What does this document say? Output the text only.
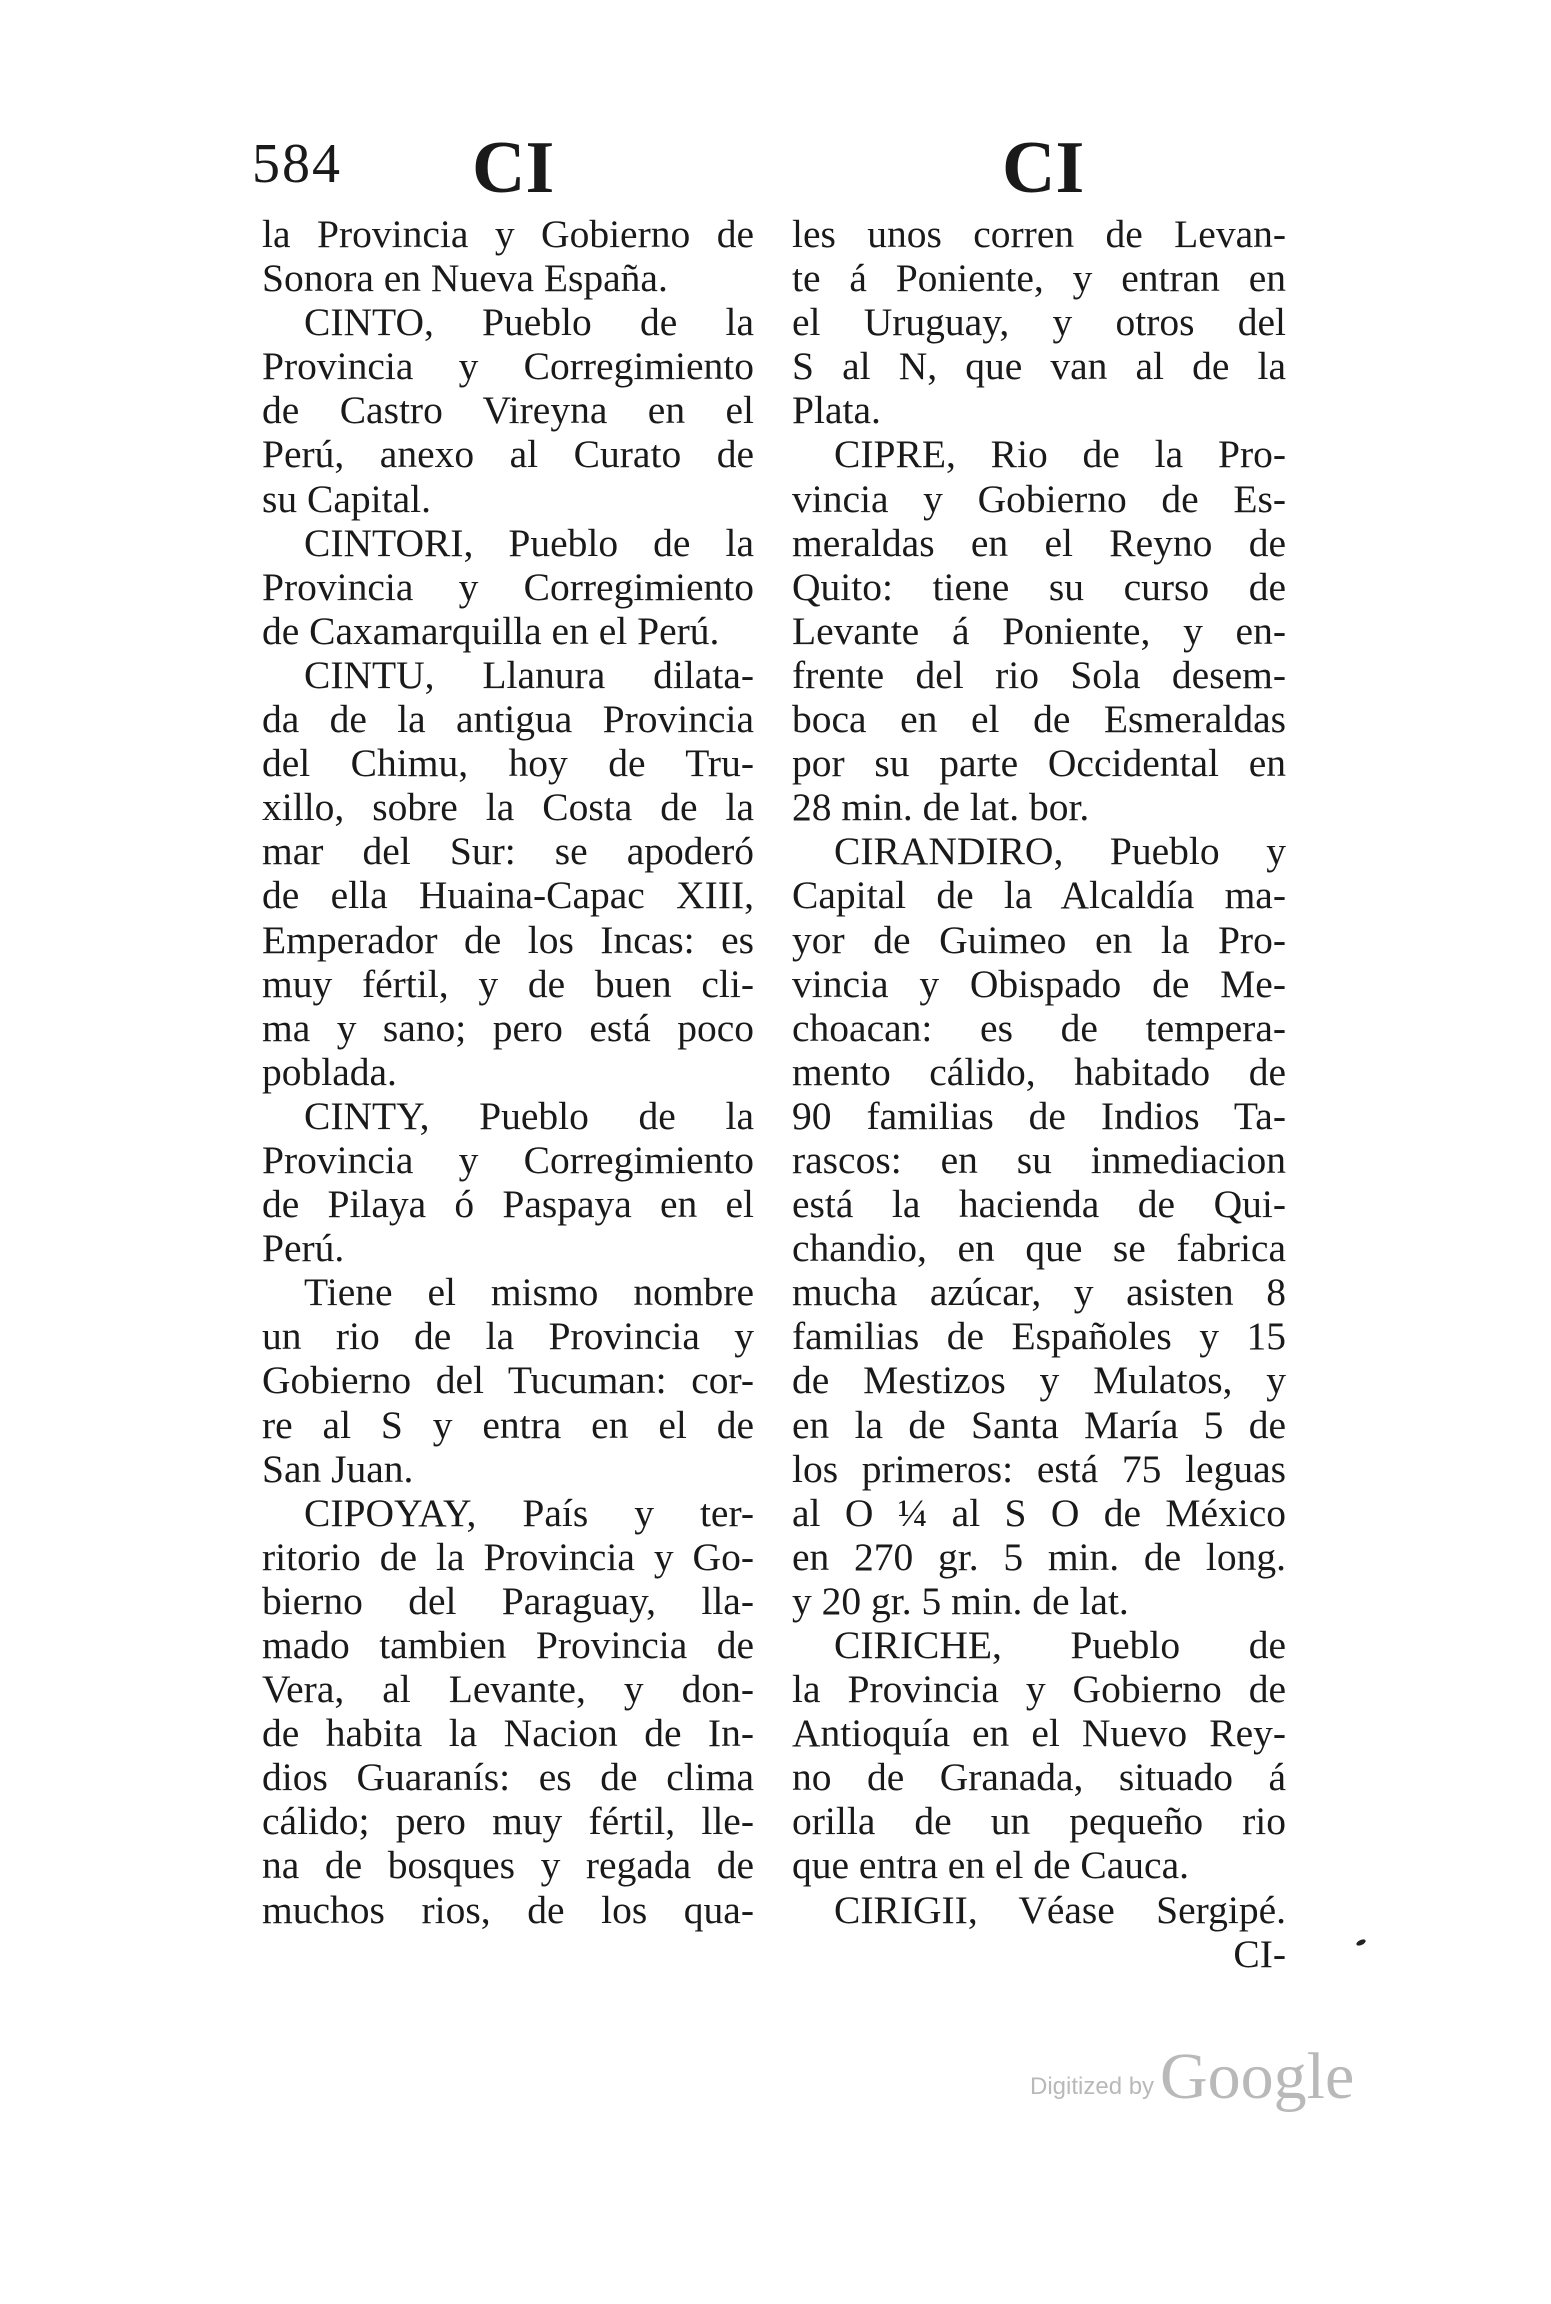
584 CI	CI
la Provincia y Gobierno de
Sonora en Nueva España.
CINTO, Pueblo de la
Provincia y Corregimiento
de Castro Vireyna en el
Perú, anexo al Curato de
su Capital.
CINTORI, Pueblo de la
Provincia y Corregimiento
de Caxamarquilla en el Perú.
CINTU, Llanura dilata-
da de la antigua Provincia
del Chimu, hoy de Tru-
xillo, sobre la Costa de la
mar del Sur: se apoderó
de ella Huaina-Capac XIII,
Emperador de los Incas: es
muy fértil, y de buen cli-
ma y sano; pero está poco
poblada.
CINTY, Pueblo de la
Provincia y Corregimiento
de Pilaya ó Paspaya en el
Perú.
Tiene el mismo nombre
un rio de la Provincia y
Gobierno del Tucuman: cor-
re al S y entra en el de
San Juan.
CIPOYAY, País y ter-
ritorio de la Provincia y Go-
bierno del Paraguay, lla-
mado tambien Provincia de
Vera, al Levante, y don-
de habita la Nacion de In-
dios Guaranís: es de clima
cálido; pero muy fértil, lle-
na de bosques y regada de
muchos rios, de los qua-
les unos corren de Levan-
te á Poniente, y entran en
el Uruguay, y otros del
S al N, que van al de la
Plata.
CIPRE, Rio de la Pro-
vincia y Gobierno de Es-
meraldas en el Reyno de
Quito: tiene su curso de
Levante á Poniente, y en-
frente del rio Sola desem-
boca en el de Esmeraldas
por su parte Occidental en
28 min. de lat. bor.
CIRANDIRO, Pueblo y
Capital de la Alcaldía ma-
yor de Guimeo en la Pro-
vincia y Obispado de Me-
choacan: es de tempera-
mento cálido, habitado de
90 familias de Indios Ta-
rascos: en su inmediacion
está la hacienda de Qui-
chandio, en que se fabrica
mucha azúcar, y asisten 8
familias de Españoles y 15
de Mestizos y Mulatos, y
en la de Santa María 5 de
los primeros: está 75 leguas
al O ¼ al S O de México
en 270 gr. 5 min. de long.
y 20 gr. 5 min. de lat.
CIRICHE, Pueblo de
la Provincia y Gobierno de
Antioquía en el Nuevo Rey-
no de Granada, situado á
orilla de un pequeño rio
que entra en el de Cauca.
CIRIGII, Véase Sergipé.
CI-
Digitized by Google
